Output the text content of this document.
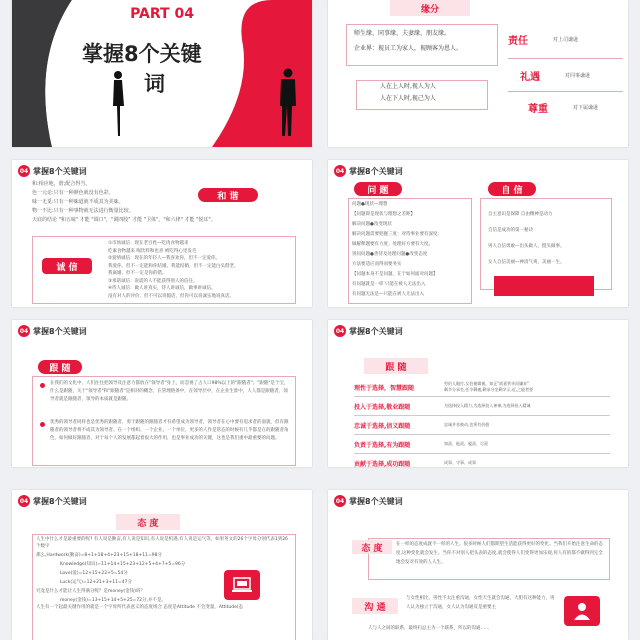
PART 04
掌握8个关键
词
缘分
师生缘、同事缘、夫妻缘、朋友缘。
企业界：视员工为家人，视顾客为恩人。
人在上人时,视人为人
人在下人时,视己为人
责任	对上司谦逊
礼遇	对同事谦逊
尊重	对下属谦逊
04 掌握8个关键词
和:相应地，谐;配合得当。
色一元论:只有一种颜色就没有色彩。
味一无觅:只有一种味道就不成其为美味。
物一不比:只有一种事物就无法进行衡量比较。
天底的结论 "和五味" 才能 "调口"，"调四肢" 才能 "卫体"，"和六律" 才能 "悦耳"。
和 谐
诚 信
①市场诚信：现在老百姓—吃肉食物越来
吃素食物越来 喝饮料和也喜 被吃得心里发毛
②爱情诚信：现在的年轻人—我喜欢你，但不一定爱你。
我爱你，但不一定能和你结婚。我能结婚，但不一定能白头偕老。
我离婚，但不一定是你的错。
③承诺诚信：说谎的人不能获得别人的信任。
④待人诚信：做人讲真实，待人讲诚信，做事讲诚信。
没有对人的评价，但不可以说假话，但你可以说诚实地说真话。
04 掌握8个关键词
问 题	自 信
问题●现状—理想
【问题即是现状与理想之差距】
解决问题●改变现状
解决问题需要把握三度：对待事业要有深度；
做解释题要有力度；处理好方要有大度。
别问问题●善待及处理问题●改变态度
方法要适应而得而要务实
【问题本身不是问题，在于如何面对问题】
有问题就是一样 只能在被人无法出入
有问题无法是—只能在被人无法出入
自主意识是保障 自由精神是动力
自信是成功的第一秘诀
男人自信勇敢—出头做人，挺头做事。
女人自信美丽—神清气爽，美丽一生。
04 掌握8个关键词
跟 随
在我们的文化中，人们往往把领导及注意力都放在"领导者"身上，而忽视了占人口98%以上的"跟随者"。"跟随"是个宝，什么是跟随，关于"领导者"和"跟随者"是相对的概念，在管理链条中，在领导层中，在企业生涯中，人人都是跟随者，领导者就是跟随者，领导的本质就是跟随。
优秀的领导者同样也是优秀的跟随者，勇于跟随的跟随者才有希望成为领导者，领导者在心中要有追求者的面貌，但有跟随者的领导者将不成其为领导者。在一个组织、一个企业、一个单位，更多的人作是常态的时候有几乎都是在的跟随者角色，如何做好跟随者，对于每个人的发展都起着很大的作用，也是事业成功的关键，这也是我们重中最重要的问题。
04 掌握8个关键词
跟 随
理性于选择，智慧跟随
劳伯人眼打,女伯被辑被。知正"欲嘉赏亲而嫌弃"
剩卒分承坐,任卒剩被,剩承分坐剩卒示,近,之能者要
投入于选择,敬业跟随	为选择投入精力,为选择投入神神,为选择投入精诚
忠诚于选择,信义跟随	忠诚并非被动,也须有价值
负责于选择,有为跟随	知责、能责、履责、尽责
贡献于选择,成功跟随	成事、守事、成事
04 掌握8个关键词
态 度
人生中什么才是最重要的呢? 有人说是勤奋,有人说是知识,有人说是机遇,有人说是运气等。如果英文的26个字母分别代表1到26个数字
那么,Hardwork(勤奋)=8+1+18+4+23+15+18+11=98分
Knowledge(知识)=11+14+15+23+12+5+4+7+5=96分
Love(爱)=12+15+22+5=54分
Luck(运气)=12+21+3+11=47分
究竟是什么才能让人生得满分呢？是money(金钱)吗？
money(金钱)=13+15+14+5+25=72分,并不是。
人生有一个起最关键作用的就是一个字母所代表意义的态度组合 态度是Attitude 不会变量，Attitude(态
04 掌握8个关键词
态 度	在一样的态度成就不一样的人生。很多时候人们都期望生活能获得更好的变化。当我们开始注意生命的态度,这种变化就会发生。当你不对别人把头表的态度,就会使得人们变得更加乐观,何人有的都不做得到完全地会发对有效的人人生。
沟 通
与女性相比，男性不太注重沟通，女性天生就会沟通，大胆有这种能力，男人认为独立于沟通，女人认为沟通反是重要主
人与人之间的联系，最终归总主为一个联系，所以的沟通……
